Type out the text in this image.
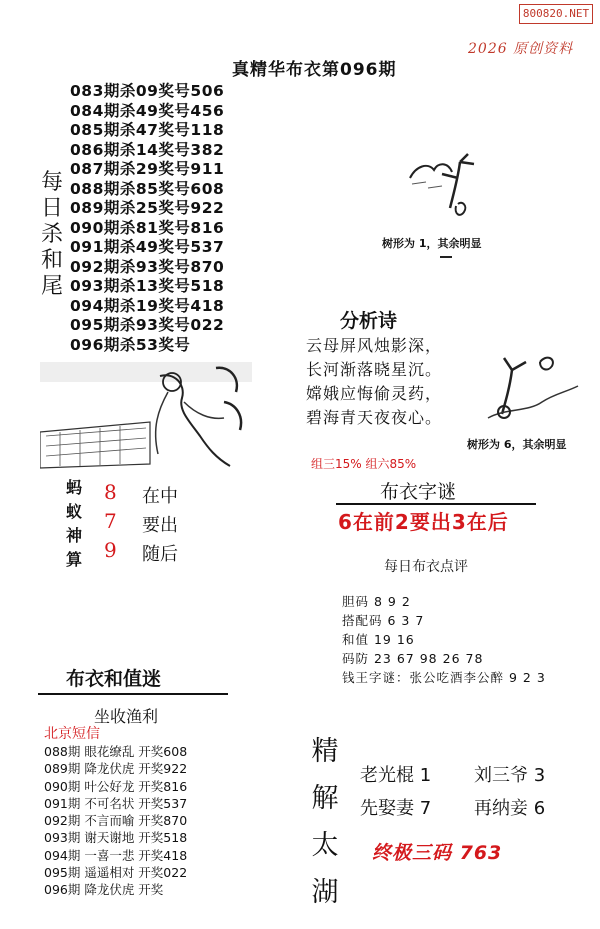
800820.NET
2026 原创资料
真精华布衣第096期
每
日
杀
和
尾
083期杀09奖号506
084期杀49奖号456
085期杀47奖号118
086期杀14奖号382
087期杀29奖号911
088期杀85奖号608
089期杀25奖号922
090期杀81奖号816
091期杀49奖号537
092期杀93奖号870
093期杀13奖号518
094期杀19奖号418
095期杀93奖号022
096期杀53奖号
树形为 1，其余明显
分析诗
云母屏风烛影深，
长河渐落晓星沉。
嫦娥应悔偷灵药，
碧海青天夜夜心。
树形为 6，其余明显
蚂
蚁
神
算
8
7
9
在中
要出
随后
组三15% 组六85%
布衣字谜
6在前2要出3在后
每日布衣点评
胆码 8 9 2
搭配码 6 3 7
和值 19 16
码防 23 67 98 26 78
钱王字谜：张公吃酒李公醉 9 2 3
布衣和值迷
坐收渔利
北京短信
088期 眼花缭乱 开奖608
089期 降龙伏虎 开奖922
090期 叶公好龙 开奖816
091期 不可名状 开奖537
092期 不言而喻 开奖870
093期 谢天谢地 开奖518
094期 一喜一悲 开奖418
095期 遥遥相对 开奖022
096期 降龙伏虎 开奖
精
解
太
湖
老光棍 1 刘三爷 3
先娶妻 7 再纳妾 6
终极三码 763
